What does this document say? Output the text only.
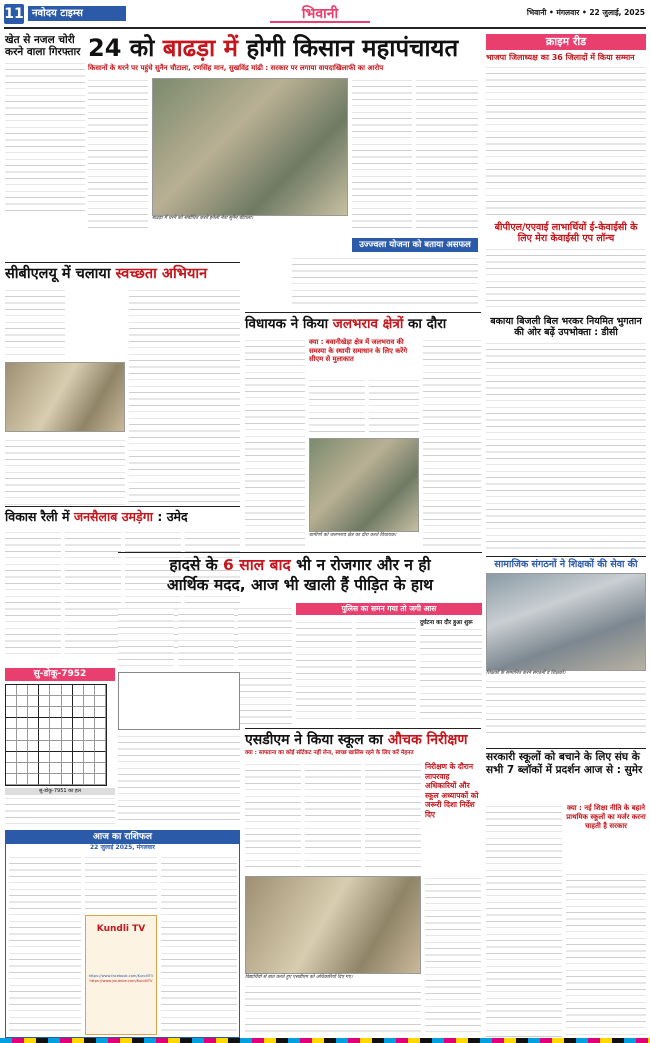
11 नवोदय टाइम्स	भिवानी	भिवानी • मंगलवार • 22 जुलाई, 2025
खेत से नजल चोरी करने वाला गिरफ्तार 24 को बाढड़ा में होगी किसान महापंचायत
किसानों के धरने पर पहुंचे सुनैन चौटाला, रणसिंह मान, सुखविंद्र मांढी : सरकार पर लगाया वायदाखिलाफी का आरोप
बाढड़ा में धरने को संबोधित करते इनेलो नेता सुनैन चौटाला।
उज्ज्वला योजना को बताया असफल
क्राइम रीड
भाजपा जिलाध्यक्ष का 36 जिलादों में किया सम्मान
बीपीएल/एएवाई लाभार्थियों ई-केवाईसी के लिए मेरा केवाईसी एप लॉन्च
बकाया बिजली बिल भरकर नियमित भुगतान की ओर बढ़ें उपभोक्ता : डीसी
सामाजिक संगठनों ने शिक्षकों की सेवा की
शिक्षकों के सम्मानित करने संगठनों व शिक्षकों।
सीबीएलयू में चलाया स्वच्छता अभियान
विधायक ने किया जलभराव क्षेत्रों का दौरा
क्या : बवानीखेड़ा क्षेत्र में जलभराव की समस्या के स्थायी समाधान के लिए करेंगे सीएम से मुलाकात
ग्रामीणों को जलभराव क्षेत्र का दौरा करते विधायक।
विकास रैली में जनसैलाब उमड़ेगा : उमेद
हादसे के 6 साल बाद भी न रोजगार और न ही
आर्थिक मदद, आज भी खाली हैं पीड़ित के हाथ
पुलिस का समन गया तो जगी आस
दुर्घटना का दौर हुआ शुरू
सु-डोकू-7952
सु-डोकू-7951 का हल
आज का राशिफल
22 जुलाई 2025, मंगलवार
Kundli TV
https://www.facebook.com/KundliTV
https://www.youtube.com/KundliTV
एसडीएम ने किया स्कूल का औचक निरीक्षण
क्या : साफ्ताना का कोई सॉर्टकट नहीं लेना, स्वच्छ खालिस रहने के लिए करें मेहनत
निरीक्षण के दौरान लापरवाह अधिकारियों और स्कूल अध्यापकों को जरूरी दिशा निर्देश दिए
विद्यार्थियों से बात करते हुए एसडीएम को अधिकारियों दिए गए।
सरकारी स्कूलों को बचाने के लिए संघ के सभी 7 ब्लॉकों में प्रदर्शन आज से : सुमेर
क्या : नई शिक्षा नीति के बहाने प्राथमिक स्कूलों का मर्जर करना चाहती है सरकार
